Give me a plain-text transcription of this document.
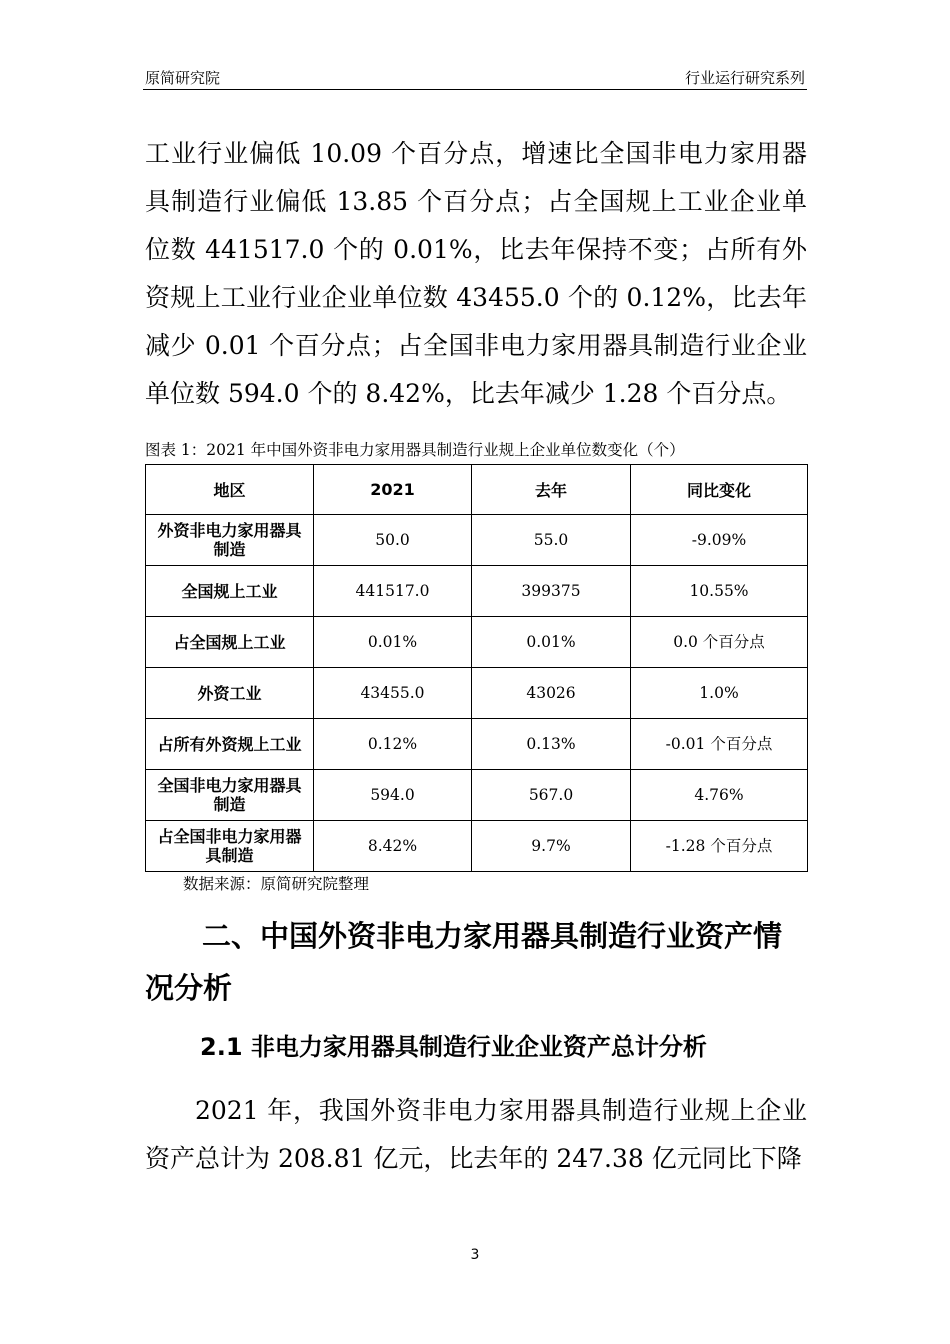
原简研究院	行业运行研究系列

工业行业偏低 10.09 个百分点，增速比全国非电力家用器具制造行业偏低 13.85 个百分点；占全国规上工业企业单位数 441517.0 个的 0.01%，比去年保持不变；占所有外资规上工业行业企业单位数 43455.0 个的 0.12%，比去年减少 0.01 个百分点；占全国非电力家用器具制造行业企业单位数 594.0 个的 8.42%，比去年减少 1.28 个百分点。

图表 1：2021 年中国外资非电力家用器具制造行业规上企业单位数变化（个）
地区	2021	去年	同比变化
外资非电力家用器具制造	50.0	55.0	-9.09%
全国规上工业	441517.0	399375	10.55%
占全国规上工业	0.01%	0.01%	0.0 个百分点
外资工业	43455.0	43026	1.0%
占所有外资规上工业	0.12%	0.13%	-0.01 个百分点
全国非电力家用器具制造	594.0	567.0	4.76%
占全国非电力家用器具制造	8.42%	9.7%	-1.28 个百分点
数据来源：原简研究院整理
二、中国外资非电力家用器具制造行业资产情况分析
2.1 非电力家用器具制造行业企业资产总计分析

2021 年，我国外资非电力家用器具制造行业规上企业资产总计为 208.81 亿元，比去年的 247.38 亿元同比下降

3
